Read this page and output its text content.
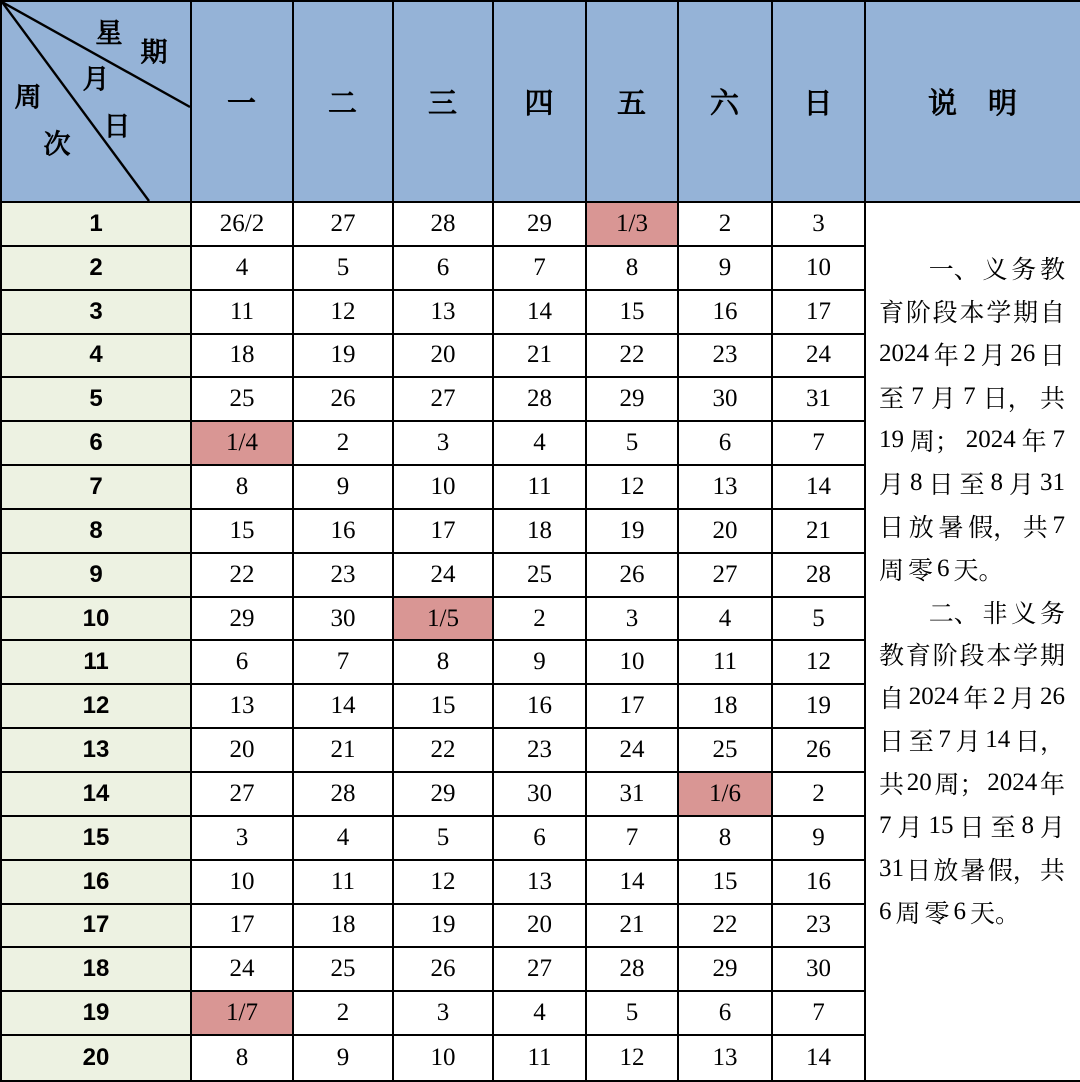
星
期
月
日
周
次
一 二 三 四 五 六 日	说　明
1	26/2	27	28	29	1/3	2	3
2	4	5	6	7	8	9	10
3	11	12	13	14	15	16	17
4	18	19	20	21	22	23	24
5	25	26	27	28	29	30	31
6	1/4	2	3	4	5	6	7
7	8	9	10	11	12	13	14
8	15	16	17	18	19	20	21
9	22	23	24	25	26	27	28
10	29	30	1/5	2	3	4	5
11	6	7	8	9	10	11	12
12	13	14	15	16	17	18	19
13	20	21	22	23	24	25	26
14	27	28	29	30	31	1/6	2
15	3	4	5	6	7	8	9
16	10	11	12	13	14	15	16
17	17	18	19	20	21	22	23
18	24	25	26	27	28	29	30
19	1/7	2	3	4	5	6	7
20	8	9	10	11	12	13	14
一、 义 务 教
育 阶 段 本 学 期 自
2024 年 2 月 26 日
至 7 月 7 日， 共
19 周； 2024 年 7
月 8 日 至 8 月 31
日 放 暑 假， 共 7
周 零 6 天。
二、 非 义 务
教 育 阶 段 本 学 期
自 2024 年 2 月 26
日 至 7 月 14 日，
共 20 周； 2024 年
7 月 15 日 至 8 月
31 日 放 暑 假， 共
6 周 零 6 天。
